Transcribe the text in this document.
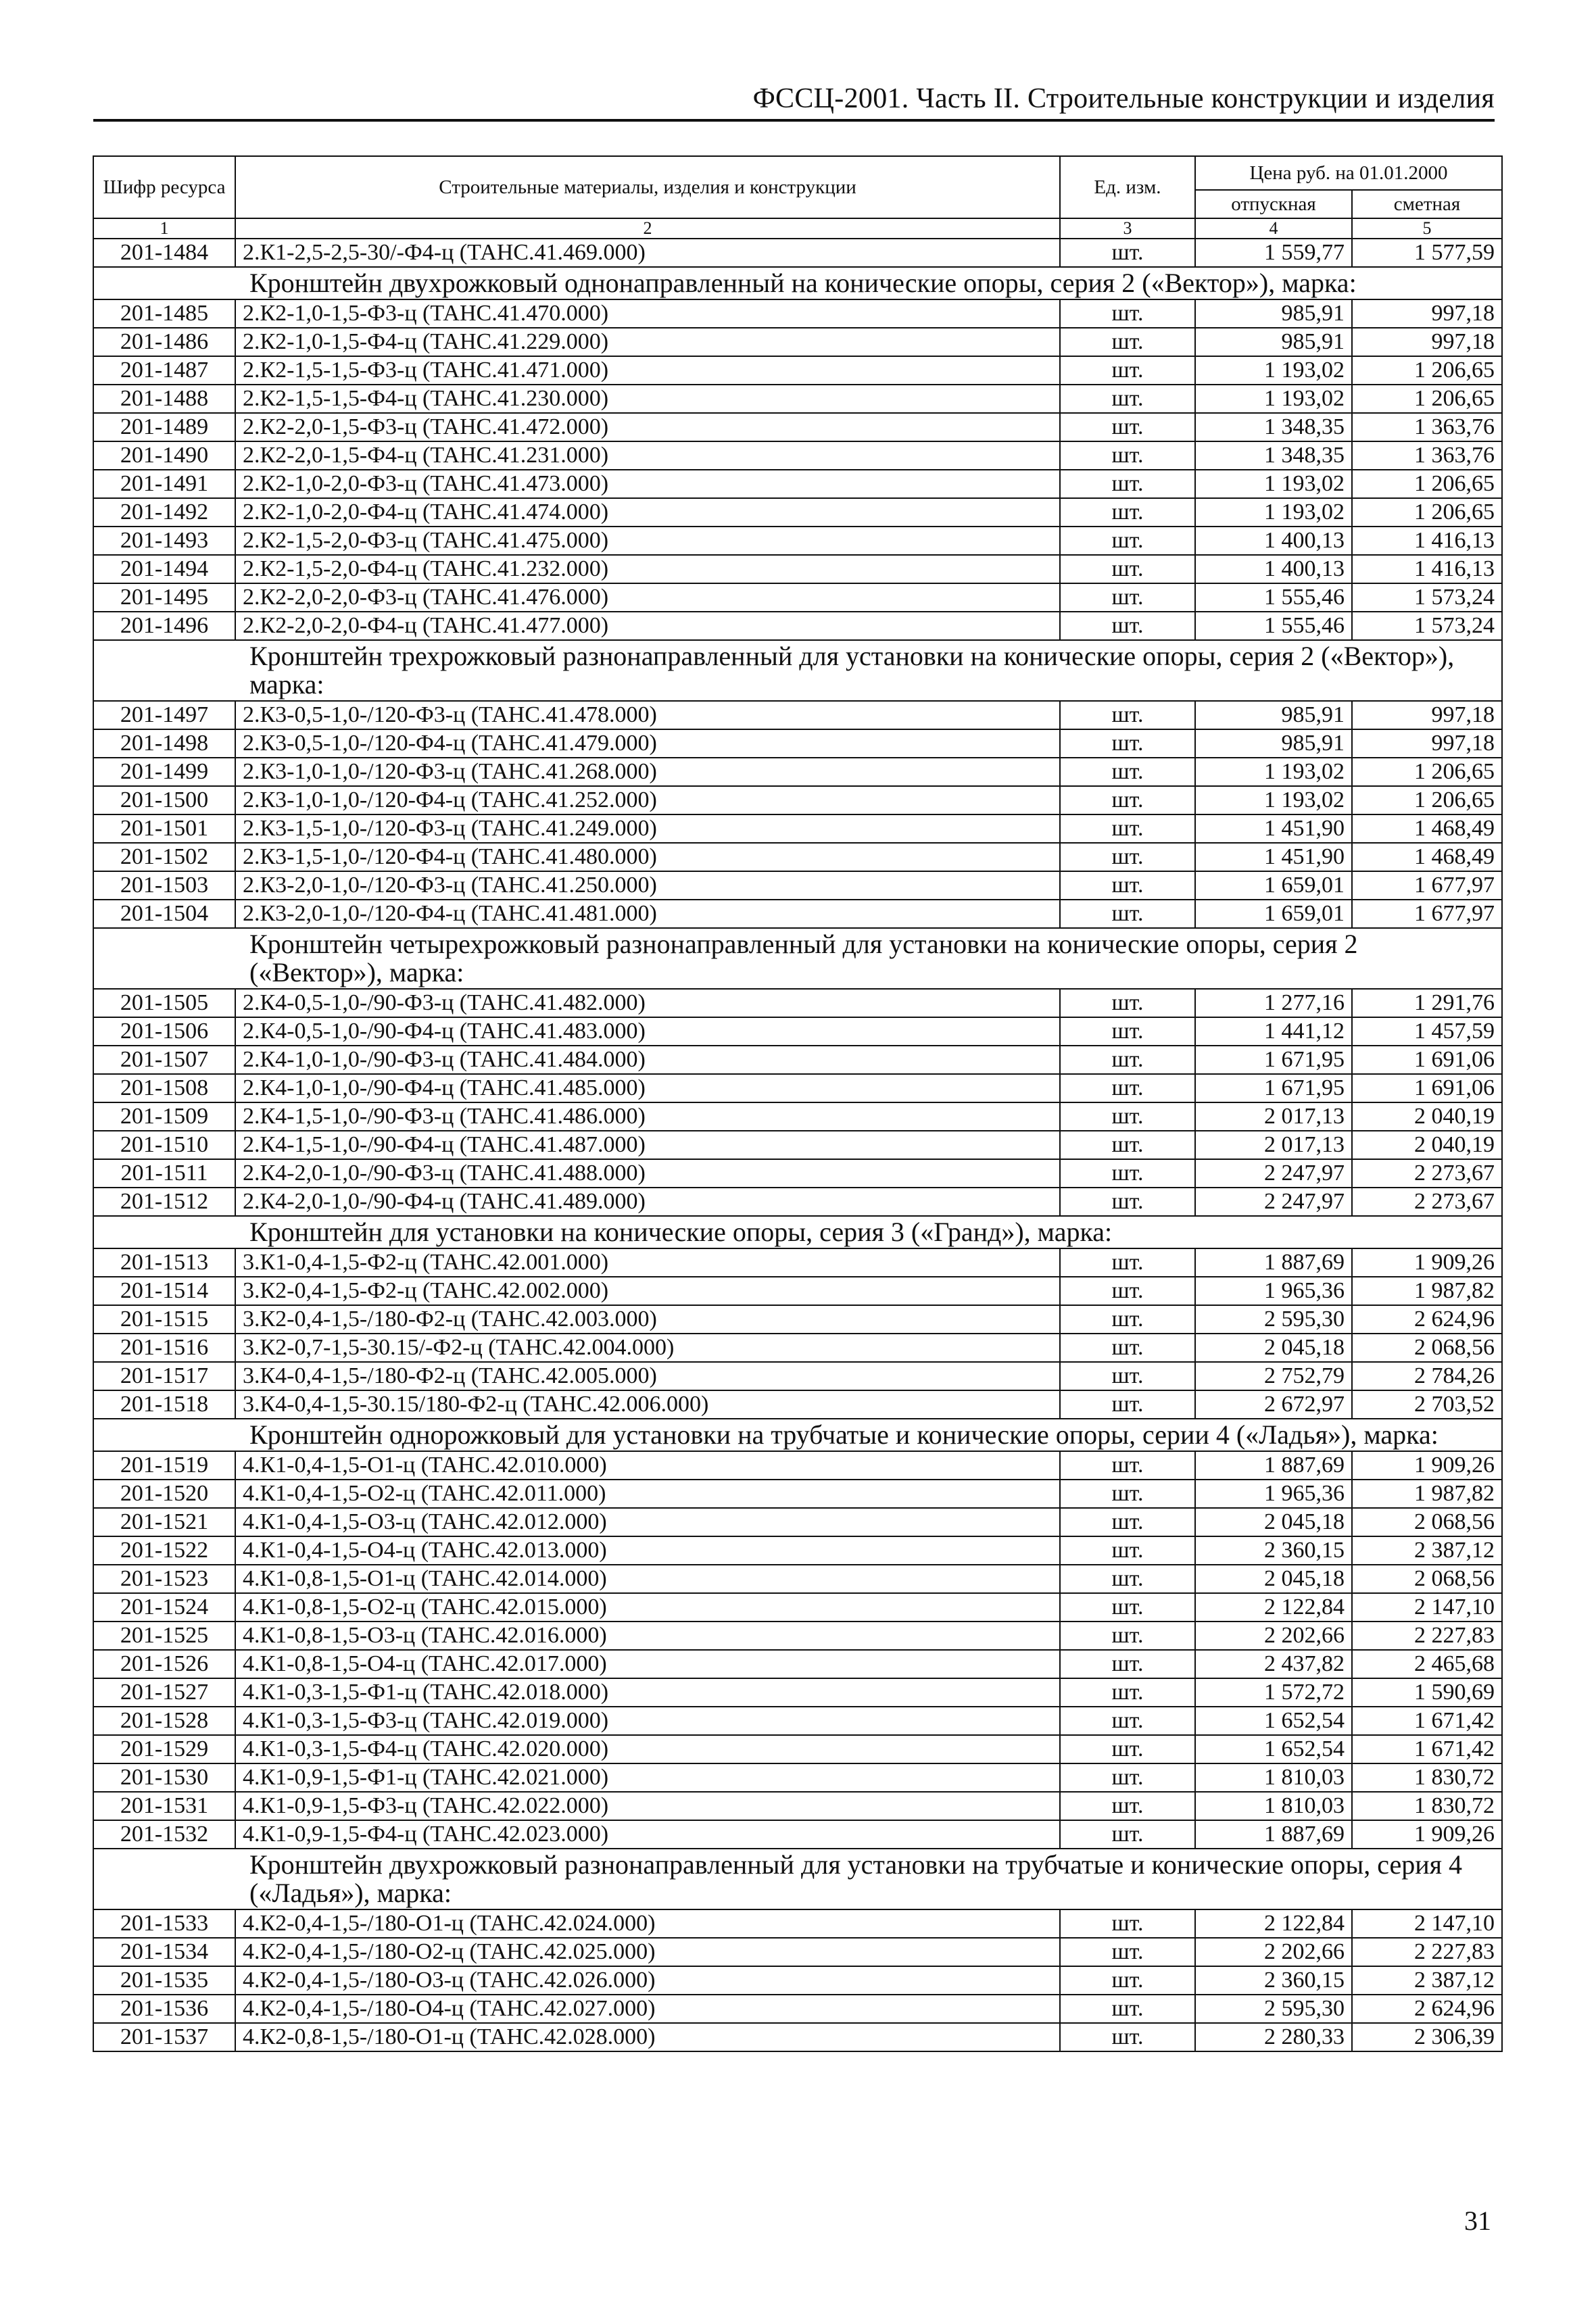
ФССЦ-2001. Часть II. Строительные конструкции и изделия
Шифр ресурса	Строительные материалы, изделия и конструкции	Ед. изм.	Цена руб. на 01.01.2000	
			отпускная	сметная
1	2	3	4	5
201-1484	2.К1-2,5-2,5-30/-Ф4-ц (ТАНС.41.469.000)	шт.	1 559,77	1 577,59
Кронштейн двухрожковый однонаправленный на конические опоры, серия 2 («Вектор»), марка:				
201-1485	2.К2-1,0-1,5-Ф3-ц (ТАНС.41.470.000)	шт.	985,91	997,18
201-1486	2.К2-1,0-1,5-Ф4-ц (ТАНС.41.229.000)	шт.	985,91	997,18
201-1487	2.К2-1,5-1,5-Ф3-ц (ТАНС.41.471.000)	шт.	1 193,02	1 206,65
201-1488	2.К2-1,5-1,5-Ф4-ц (ТАНС.41.230.000)	шт.	1 193,02	1 206,65
201-1489	2.К2-2,0-1,5-Ф3-ц (ТАНС.41.472.000)	шт.	1 348,35	1 363,76
201-1490	2.К2-2,0-1,5-Ф4-ц (ТАНС.41.231.000)	шт.	1 348,35	1 363,76
201-1491	2.К2-1,0-2,0-Ф3-ц (ТАНС.41.473.000)	шт.	1 193,02	1 206,65
201-1492	2.К2-1,0-2,0-Ф4-ц (ТАНС.41.474.000)	шт.	1 193,02	1 206,65
201-1493	2.К2-1,5-2,0-Ф3-ц (ТАНС.41.475.000)	шт.	1 400,13	1 416,13
201-1494	2.К2-1,5-2,0-Ф4-ц (ТАНС.41.232.000)	шт.	1 400,13	1 416,13
201-1495	2.К2-2,0-2,0-Ф3-ц (ТАНС.41.476.000)	шт.	1 555,46	1 573,24
201-1496	2.К2-2,0-2,0-Ф4-ц (ТАНС.41.477.000)	шт.	1 555,46	1 573,24
Кронштейн трехрожковый разнонаправленный для установки на конические опоры, серия 2 («Вектор»), марка:				
201-1497	2.К3-0,5-1,0-/120-Ф3-ц (ТАНС.41.478.000)	шт.	985,91	997,18
201-1498	2.К3-0,5-1,0-/120-Ф4-ц (ТАНС.41.479.000)	шт.	985,91	997,18
201-1499	2.К3-1,0-1,0-/120-Ф3-ц (ТАНС.41.268.000)	шт.	1 193,02	1 206,65
201-1500	2.К3-1,0-1,0-/120-Ф4-ц (ТАНС.41.252.000)	шт.	1 193,02	1 206,65
201-1501	2.К3-1,5-1,0-/120-Ф3-ц (ТАНС.41.249.000)	шт.	1 451,90	1 468,49
201-1502	2.К3-1,5-1,0-/120-Ф4-ц (ТАНС.41.480.000)	шт.	1 451,90	1 468,49
201-1503	2.К3-2,0-1,0-/120-Ф3-ц (ТАНС.41.250.000)	шт.	1 659,01	1 677,97
201-1504	2.К3-2,0-1,0-/120-Ф4-ц (ТАНС.41.481.000)	шт.	1 659,01	1 677,97
Кронштейн четырехрожковый разнонаправленный для установки на конические опоры, серия 2 («Вектор»), марка:				
201-1505	2.К4-0,5-1,0-/90-Ф3-ц (ТАНС.41.482.000)	шт.	1 277,16	1 291,76
201-1506	2.К4-0,5-1,0-/90-Ф4-ц (ТАНС.41.483.000)	шт.	1 441,12	1 457,59
201-1507	2.К4-1,0-1,0-/90-Ф3-ц (ТАНС.41.484.000)	шт.	1 671,95	1 691,06
201-1508	2.К4-1,0-1,0-/90-Ф4-ц (ТАНС.41.485.000)	шт.	1 671,95	1 691,06
201-1509	2.К4-1,5-1,0-/90-Ф3-ц (ТАНС.41.486.000)	шт.	2 017,13	2 040,19
201-1510	2.К4-1,5-1,0-/90-Ф4-ц (ТАНС.41.487.000)	шт.	2 017,13	2 040,19
201-1511	2.К4-2,0-1,0-/90-Ф3-ц (ТАНС.41.488.000)	шт.	2 247,97	2 273,67
201-1512	2.К4-2,0-1,0-/90-Ф4-ц (ТАНС.41.489.000)	шт.	2 247,97	2 273,67
Кронштейн для установки на конические опоры, серия 3 («Гранд»), марка:				
201-1513	3.К1-0,4-1,5-Ф2-ц (ТАНС.42.001.000)	шт.	1 887,69	1 909,26
201-1514	3.К2-0,4-1,5-Ф2-ц (ТАНС.42.002.000)	шт.	1 965,36	1 987,82
201-1515	3.К2-0,4-1,5-/180-Ф2-ц (ТАНС.42.003.000)	шт.	2 595,30	2 624,96
201-1516	3.К2-0,7-1,5-30.15/-Ф2-ц (ТАНС.42.004.000)	шт.	2 045,18	2 068,56
201-1517	3.К4-0,4-1,5-/180-Ф2-ц (ТАНС.42.005.000)	шт.	2 752,79	2 784,26
201-1518	3.К4-0,4-1,5-30.15/180-Ф2-ц (ТАНС.42.006.000)	шт.	2 672,97	2 703,52
Кронштейн однорожковый для установки на трубчатые и конические опоры, серии 4 («Ладья»), марка:				
201-1519	4.К1-0,4-1,5-О1-ц (ТАНС.42.010.000)	шт.	1 887,69	1 909,26
201-1520	4.К1-0,4-1,5-О2-ц (ТАНС.42.011.000)	шт.	1 965,36	1 987,82
201-1521	4.К1-0,4-1,5-О3-ц (ТАНС.42.012.000)	шт.	2 045,18	2 068,56
201-1522	4.К1-0,4-1,5-О4-ц (ТАНС.42.013.000)	шт.	2 360,15	2 387,12
201-1523	4.К1-0,8-1,5-О1-ц (ТАНС.42.014.000)	шт.	2 045,18	2 068,56
201-1524	4.К1-0,8-1,5-О2-ц (ТАНС.42.015.000)	шт.	2 122,84	2 147,10
201-1525	4.К1-0,8-1,5-О3-ц (ТАНС.42.016.000)	шт.	2 202,66	2 227,83
201-1526	4.К1-0,8-1,5-О4-ц (ТАНС.42.017.000)	шт.	2 437,82	2 465,68
201-1527	4.К1-0,3-1,5-Ф1-ц (ТАНС.42.018.000)	шт.	1 572,72	1 590,69
201-1528	4.К1-0,3-1,5-Ф3-ц (ТАНС.42.019.000)	шт.	1 652,54	1 671,42
201-1529	4.К1-0,3-1,5-Ф4-ц (ТАНС.42.020.000)	шт.	1 652,54	1 671,42
201-1530	4.К1-0,9-1,5-Ф1-ц (ТАНС.42.021.000)	шт.	1 810,03	1 830,72
201-1531	4.К1-0,9-1,5-Ф3-ц (ТАНС.42.022.000)	шт.	1 810,03	1 830,72
201-1532	4.К1-0,9-1,5-Ф4-ц (ТАНС.42.023.000)	шт.	1 887,69	1 909,26
Кронштейн двухрожковый разнонаправленный для установки на трубчатые и конические опоры, серия 4 («Ладья»), марка:				
201-1533	4.К2-0,4-1,5-/180-О1-ц (ТАНС.42.024.000)	шт.	2 122,84	2 147,10
201-1534	4.К2-0,4-1,5-/180-О2-ц (ТАНС.42.025.000)	шт.	2 202,66	2 227,83
201-1535	4.К2-0,4-1,5-/180-О3-ц (ТАНС.42.026.000)	шт.	2 360,15	2 387,12
201-1536	4.К2-0,4-1,5-/180-О4-ц (ТАНС.42.027.000)	шт.	2 595,30	2 624,96
201-1537	4.К2-0,8-1,5-/180-О1-ц (ТАНС.42.028.000)	шт.	2 280,33	2 306,39
31
